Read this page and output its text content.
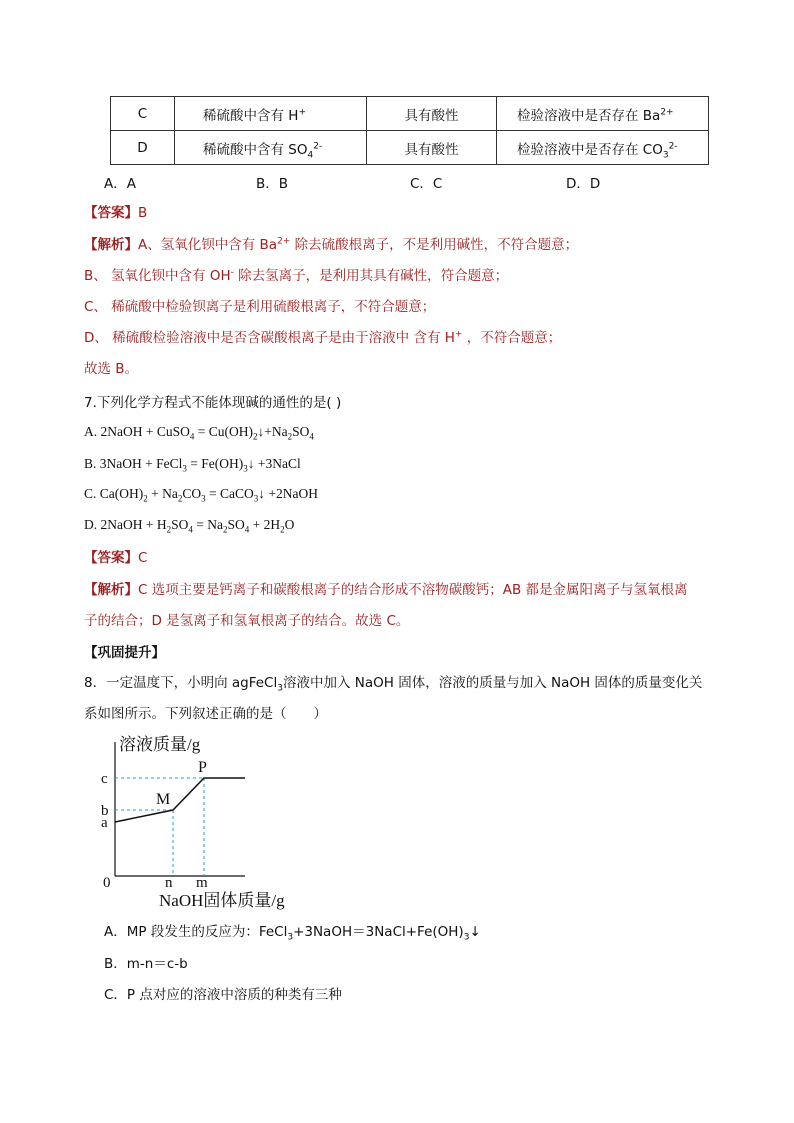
C	稀硫酸中含有 H+	具有酸性	检验溶液中是否存在 $Ba^{2+}$
D	稀硫酸中含有 $SO_4^{2-}$	具有酸性	检验溶液中是否存在 $CO_3^{2-}$
A．A	B．B	C．C	D．D
【答案】B
【解析】A、氢氧化钡中含有 $Ba^{2+}$ 除去硫酸根离子，不是利用碱性，不符合题意；
B、 氢氧化钡中含有 OH- 除去氢离子，是利用其具有碱性，符合题意；
C、 稀硫酸中检验钡离子是利用硫酸根离子，不符合题意；
D、 稀硫酸检验溶液中是否含碳酸根离子是由于溶液中 含有 H+ ，不符合题意；
故选 B。
7.下列化学方程式不能体现碱的通性的是( )
A. 2NaOH + CuSO$_4$ = $Cu(OH)_2↓+Na_2SO_4$
B. 3NaOH + FeCl$_3$ = $Fe(OH)_3↓$ +3NaCl
C. $Ca(OH)_2 + Na_2CO_3$ = CaCO$_3$↓ +2NaOH
D. 2NaOH + $H_2SO_4 = Na_2SO_4 + 2H_2O$
【答案】C
【解析】C 选项主要是钙离子和碳酸根离子的结合形成不溶物碳酸钙；AB 都是金属阳离子与氢氧根离
子的结合；D 是氢离子和氢氧根离子的结合。故选 C。
【巩固提升】
8．一定温度下，小明向 agFeCl$_3$溶液中加入 NaOH 固体，溶液的质量与加入 NaOH 固体的质量变化关
系如图所示。下列叙述正确的是（　　）
溶液质量/g
a
b
c
M
P
0	n m
NaOH固体质量/g
A．MP 段发生的反应为：$FeCl_3+3NaOH=3NaCl+Fe(OH)_3↓$
B．m-n＝c-b
C．P 点对应的溶液中溶质的种类有三种
